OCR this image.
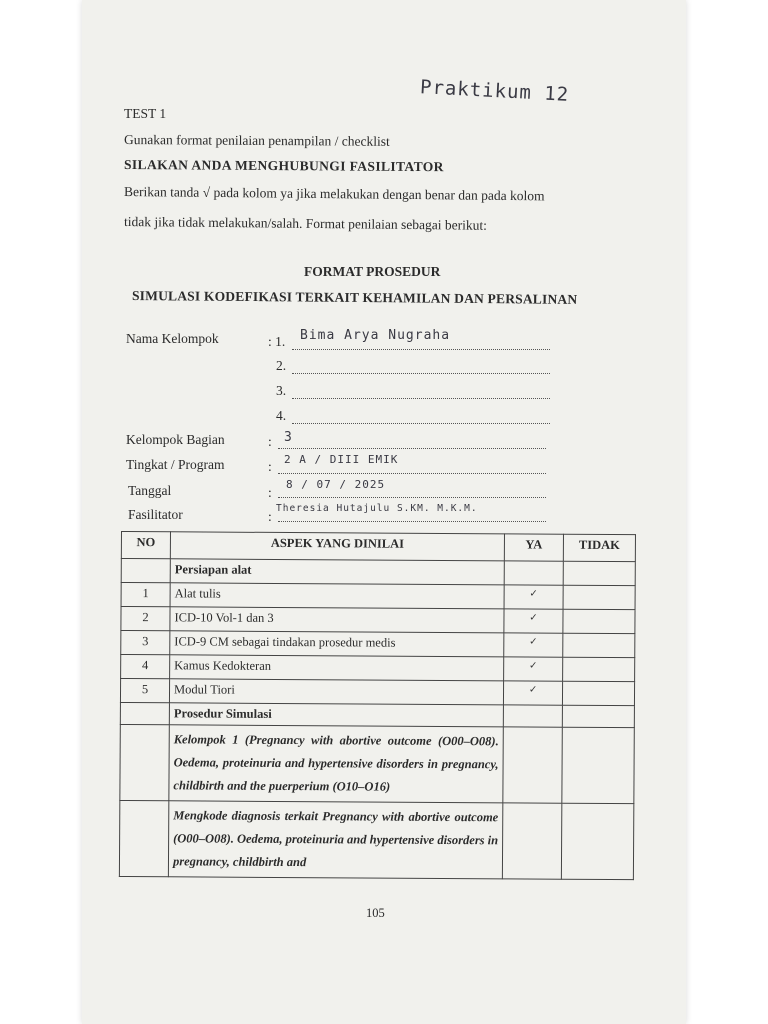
Praktikum 12
TEST 1
Gunakan format penilaian penampilan / checklist
SILAKAN ANDA MENGHUBUNGI FASILITATOR
Berikan tanda √ pada kolom ya jika melakukan dengan benar dan pada kolom
tidak jika tidak melakukan/salah. Format penilaian sebagai berikut:
FORMAT PROSEDUR
SIMULASI KODEFIKASI TERKAIT KEHAMILAN DAN PERSALINAN
Nama Kelompok	: 1. Bima Arya Nugraha
2.
3.
4.
Kelompok Bagian	: 3
Tingkat / Program	: 2 A / DIII EMIK
Tanggal	:
8 / 07 / 2025
Fasilitator	:
Theresia Hutajulu S.KM. M.K.M.
NO	ASPEK YANG DINILAI	YA	TIDAK
	Persiapan alat		
1	Alat tulis	✓	
2	ICD-10 Vol-1 dan 3	✓	
3	ICD-9 CM sebagai tindakan prosedur medis	✓	
4	Kamus Kedokteran	✓	
5	Modul Tiori	✓	
	Prosedur Simulasi		
	Kelompok 1 (Pregnancy with abortive outcome (O00–O08). Oedema, proteinuria and hypertensive disorders in pregnancy, childbirth and the puerperium (O10–O16)		
	Mengkode diagnosis terkait Pregnancy with abortive outcome (O00–O08). Oedema, proteinuria and hypertensive disorders in pregnancy, childbirth and		
105
